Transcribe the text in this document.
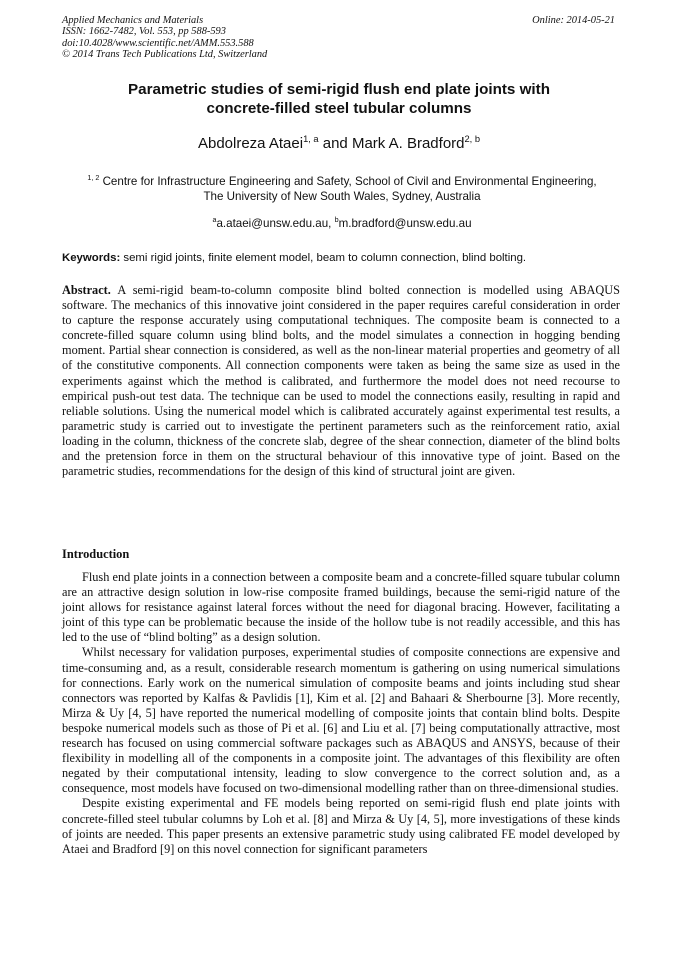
Applied Mechanics and Materials
ISSN: 1662-7482, Vol. 553, pp 588-593
doi:10.4028/www.scientific.net/AMM.553.588
© 2014 Trans Tech Publications Ltd, Switzerland
Online: 2014-05-21
Parametric studies of semi-rigid flush end plate joints with
concrete-filled steel tubular columns
Abdolreza Ataei$^{1, a}$ and Mark A. Bradford$^{2, b}$
$^{1, 2}$ Centre for Infrastructure Engineering and Safety, School of Civil and Environmental Engineering,
The University of New South Wales, Sydney, Australia
$^a$a.ataei@unsw.edu.au, $^b$m.bradford@unsw.edu.au
Keywords: semi rigid joints, finite element model, beam to column connection, blind bolting.
Abstract. A semi-rigid beam-to-column composite blind bolted connection is modelled using ABAQUS software. The mechanics of this innovative joint considered in the paper requires careful consideration in order to capture the response accurately using computational techniques. The composite beam is connected to a concrete-filled square column using blind bolts, and the model simulates a connection in hogging bending moment. Partial shear connection is considered, as well as the non-linear material properties and geometry of all of the constitutive components. All connection components were taken as being the same size as used in the experiments against which the method is calibrated, and furthermore the model does not need recourse to empirical push-out test data. The technique can be used to model the connections easily, resulting in rapid and reliable solutions. Using the numerical model which is calibrated accurately against experimental test results, a parametric study is carried out to investigate the pertinent parameters such as the reinforcement ratio, axial loading in the column, thickness of the concrete slab, degree of the shear connection, diameter of the blind bolts and the pretension force in them on the structural behaviour of this innovative type of joint. Based on the parametric studies, recommendations for the design of this kind of structural joint are given.
Introduction

Flush end plate joints in a connection between a composite beam and a concrete-filled square tubular column are an attractive design solution in low-rise composite framed buildings, because the semi-rigid nature of the joint allows for resistance against lateral forces without the need for diagonal bracing. However, facilitating a joint of this type can be problematic because the inside of the hollow tube is not readily accessible, and this has led to the use of “blind bolting” as a design solution.

Whilst necessary for validation purposes, experimental studies of composite connections are expensive and time-consuming and, as a result, considerable research momentum is gathering on using numerical simulations for connections. Early work on the numerical simulation of composite beams and joints including stud shear connectors was reported by Kalfas & Pavlidis [1], Kim et al. [2] and Bahaari & Sherbourne [3]. More recently, Mirza & Uy [4, 5] have reported the numerical modelling of composite joints that contain blind bolts. Despite bespoke numerical models such as those of Pi et al. [6] and Liu et al. [7] being computationally attractive, most research has focused on using commercial software packages such as ABAQUS and ANSYS, because of their flexibility in modelling all of the components in a composite joint. The advantages of this flexibility are often negated by their computational intensity, leading to slow convergence to the correct solution and, as a consequence, most models have focused on two-dimensional modelling rather than on three-dimensional studies.

Despite existing experimental and FE models being reported on semi-rigid flush end plate joints with concrete-filled steel tubular columns by Loh et al. [8] and Mirza & Uy [4, 5], more investigations of these kinds of joints are needed. This paper presents an extensive parametric study using calibrated FE model developed by Ataei and Bradford [9] on this novel connection for significant parameters
